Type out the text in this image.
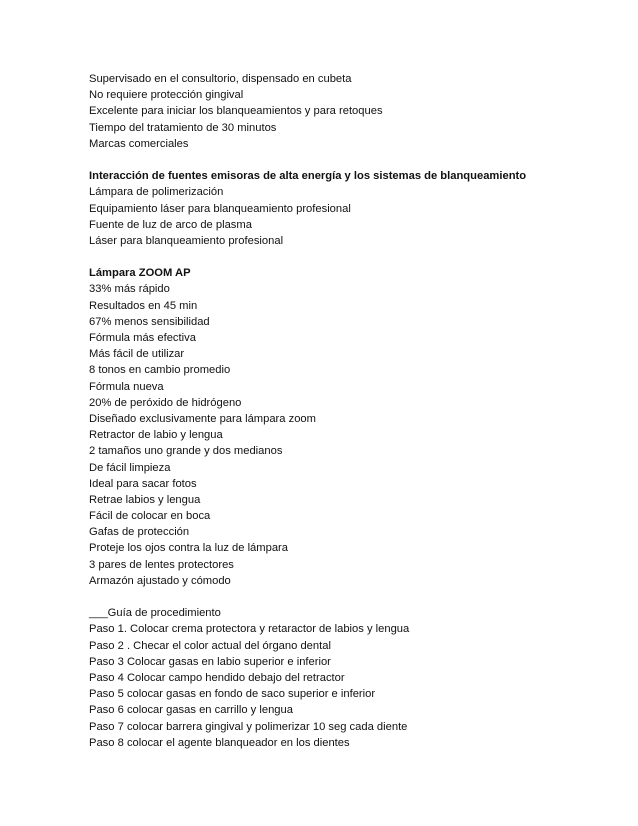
Supervisado en el consultorio, dispensado en cubeta
No requiere protección gingival
Excelente para iniciar los blanqueamientos y para retoques
Tiempo del tratamiento de 30 minutos
Marcas comerciales
Interacción de fuentes emisoras de alta energía y los sistemas de blanqueamiento
Lámpara de polimerización
Equipamiento láser para blanqueamiento profesional
Fuente de luz de arco de plasma
Láser para blanqueamiento profesional
Lámpara ZOOM AP
33% más rápido
Resultados en 45 min
67% menos sensibilidad
Fórmula más efectiva
Más fácil de utilizar
8 tonos en cambio promedio
Fórmula nueva
20% de peróxido de hidrógeno
Diseñado exclusivamente para lámpara zoom
Retractor de labio y lengua
2 tamaños uno grande y dos medianos
De fácil limpieza
Ideal para sacar fotos
Retrae labios y lengua
Fácil de colocar en boca
Gafas de protección
Proteje los ojos contra la luz de lámpara
3 pares de lentes protectores
Armazón ajustado y cómodo
___Guía de procedimiento
Paso 1. Colocar crema protectora y retaractor de labios y lengua
Paso 2 . Checar el color actual del órgano dental
Paso 3 Colocar gasas en labio superior e inferior
Paso 4 Colocar campo hendido debajo del retractor
Paso 5 colocar gasas en fondo de saco superior e inferior
Paso 6 colocar gasas en carrillo y lengua
Paso 7 colocar barrera gingival y polimerizar 10 seg cada diente
Paso 8 colocar el agente blanqueador en los dientes
